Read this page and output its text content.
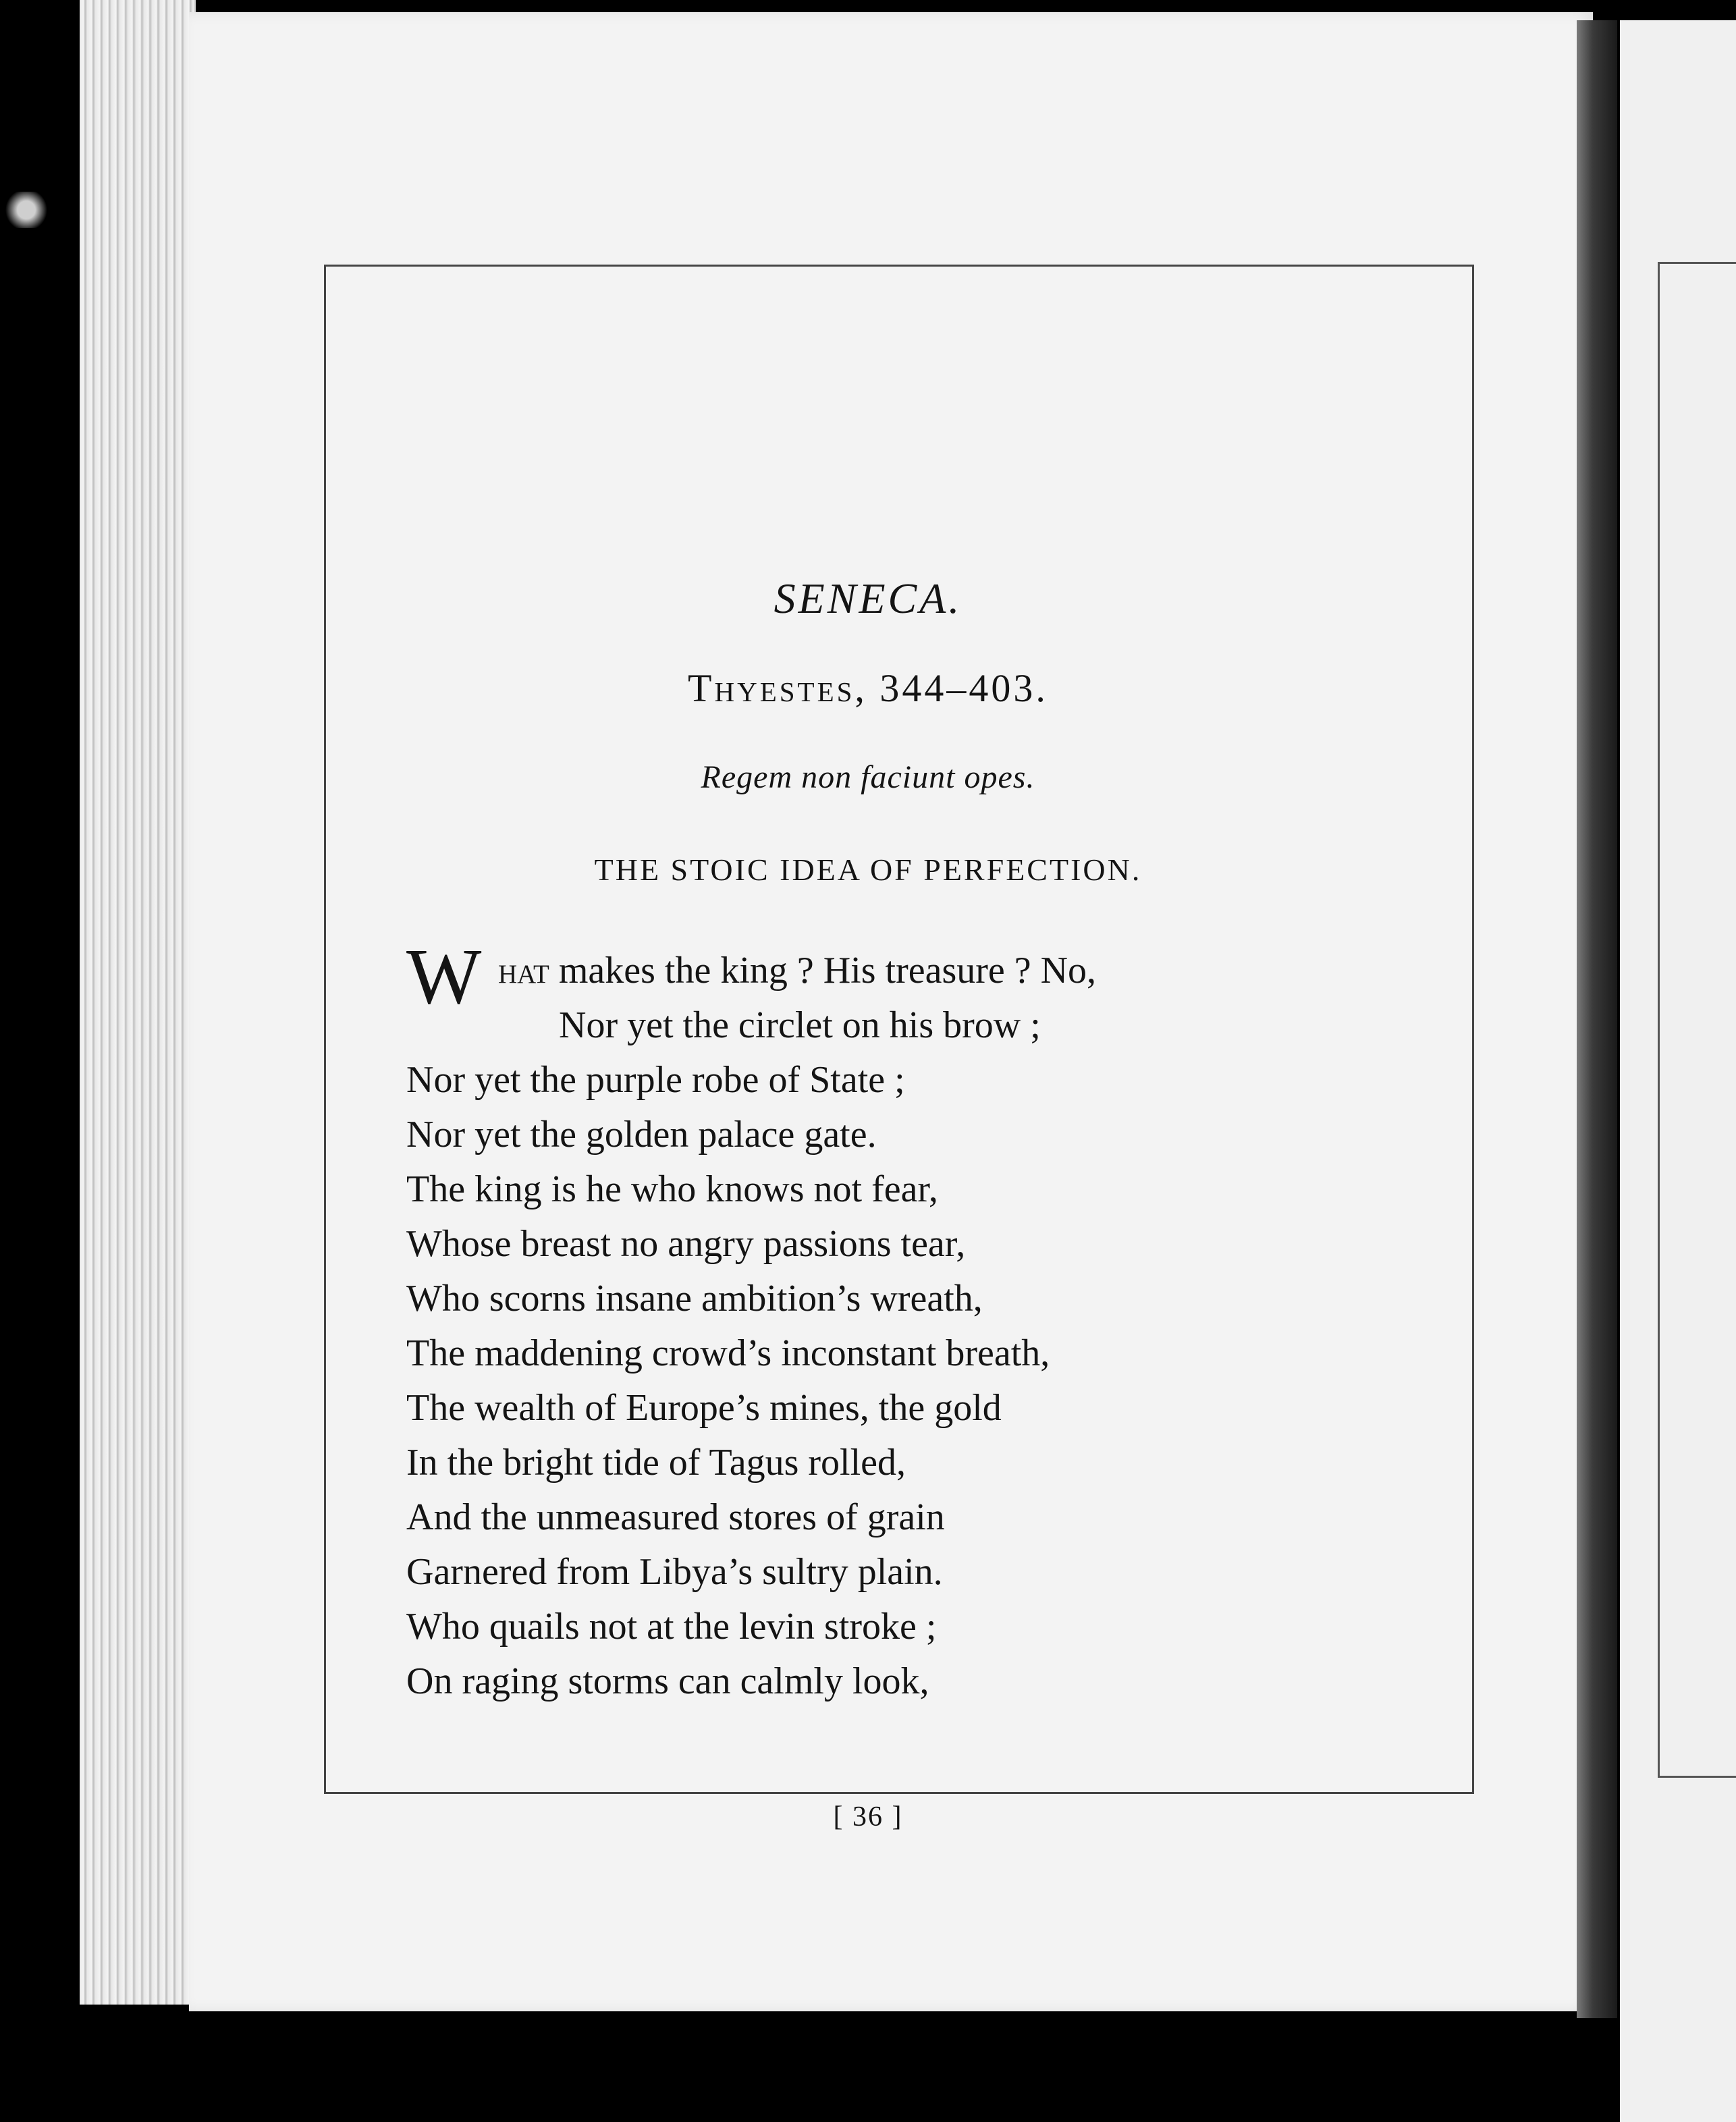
SENECA.
Thyestes, 344–403.
Regem non faciunt opes.
THE STOIC IDEA OF PERFECTION.
W hat makes the king ? His treasure ? No,
Nor yet the circlet on his brow ;
Nor yet the purple robe of State ;
Nor yet the golden palace gate.
The king is he who knows not fear,
Whose breast no angry passions tear,
Who scorns insane ambition’s wreath,
The maddening crowd’s inconstant breath,
The wealth of Europe’s mines, the gold
In the bright tide of Tagus rolled,
And the unmeasured stores of grain
Garnered from Libya’s sultry plain.
Who quails not at the levin stroke ;
On raging storms can calmly look,
[ 36 ]
